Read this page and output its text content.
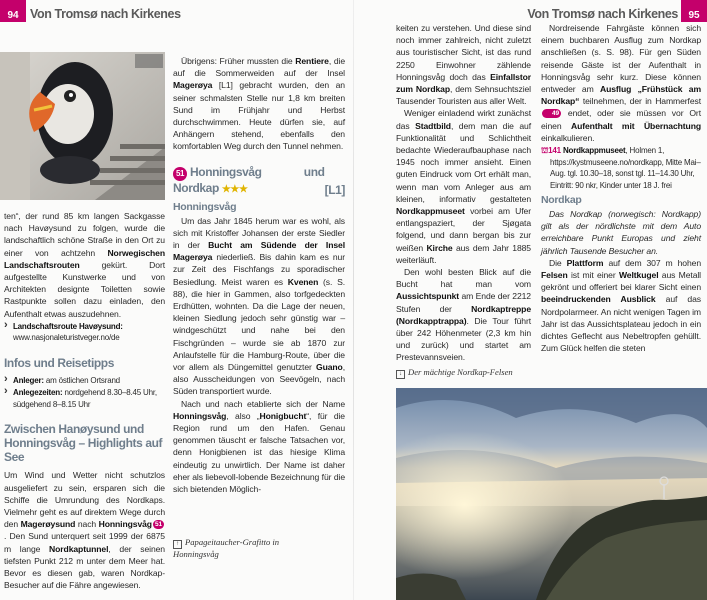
94 Von Tromsø nach Kirkenes	Von Tromsø nach Kirkenes	95

ten“, der rund 85 km langen Sackgasse nach Havøysund zu folgen, wurde die landschaftlich schöne Straße in den Ort zu einer von achtzehn Norwegischen Landschaftsrouten gekürt. Dort aufgestellte Kunstwerke und von Architekten designte Toiletten sowie Rastpunkte sollen dazu einladen, den Aufenthalt etwas auszudehnen.

› Landschaftsroute Havøysund: www.nasjonaleturistveger.no/de
Infos und Reisetipps
› Anleger: am östlichen Ortsrand
› Anlegezeiten: nordgehend 8.30–8.45 Uhr, südgehend 8–8.15 Uhr
Zwischen Hanøysund und Honningsvåg – Highlights auf See

Um Wind und Wetter nicht schutzlos ausgeliefert zu sein, ersparen sich die Schiffe die Umrundung des Nordkaps. Vielmehr geht es auf direktem Wege durch den Magerøysund nach Honningsvåg 51. Den Sund unterquert seit 1999 der 6875 m lange Nordkaptunnel, der seinen tiefsten Punkt 212 m unter dem Meer hat. Bevor es diesen gab, waren Nordkap-Besucher auf die Fähre angewiesen.

Übrigens: Früher mussten die Rentiere, die auf die Sommerweiden auf der Insel Magerøya [L1] gebracht wurden, den an seiner schmalsten Stelle nur 1,8 km breiten Sund im Frühjahr und Herbst durchschwimmen. Heute dürfen sie, auf Anhängern stehend, ebenfalls den komfortablen Weg durch den Tunnel nehmen.

51 Honningsvåg und Nordkap ★★★	[L1]
Honningsvåg

Um das Jahr 1845 herum war es wohl, als sich mit Kristoffer Johansen der erste Siedler in der Bucht am Südende der Insel Magerøya niederließ. Bis dahin kam es nur zur Zeit des Fischfangs zu sporadischer Besiedlung. Meist waren es Kvenen (s. S. 88), die hier in Gammen, also torfgedeckten Erdhütten, wohnten. Da die Lage der neuen, kleinen Siedlung jedoch sehr günstig war – windgeschützt und nahe bei den Fischgründen – wurde sie ab 1870 zur Anlaufstelle für die Hamburg-Route, über die vor allem als Düngemittel genutzter Guano, also Ausscheidungen von Seevögeln, nach Süden transportiert wurde.

Nach und nach etablierte sich der Name Honningsvåg, also „Honigbucht“, für die Region rund um den Hafen. Genau genommen täuscht er falsche Tatsachen vor, denn Honigbienen ist das hiesige Klima eindeutig zu unwirtlich. Der Name ist daher eher als liebevoll-lobende Bezeichnung für die sich bietenden Möglich-

keiten zu verstehen. Und diese sind noch immer zahlreich, nicht zuletzt aus touristischer Sicht, ist das rund 2250 Einwohner zählende Honningsvåg doch das Einfallstor zum Nordkap, dem Sehnsuchtsziel Tausender Touristen aus aller Welt.

Weniger einladend wirkt zunächst das Stadtbild, dem man die auf Funktionalität und Schlichtheit bedachte Wiederaufbauphase nach 1945 noch immer ansieht. Einen guten Eindruck vom Ort erhält man, wenn man vom Anleger aus am kleinen, informativ gestalteten Nordkappmuseet vorbei am Ufer entlangspaziert, der Sjøgata folgend, und dann bergan bis zur weißen Kirche aus dem Jahr 1885 weiterläuft.

Den wohl besten Blick auf die Bucht hat man vom Aussichtspunkt am Ende der 2212 Stufen der Nordkaptreppe (Nordkapptrappa). Die Tour führt über 242 Höhenmeter (2,3 km hin und zurück) und startet am Prestevannsveien.

Nordreisende Fahrgäste können sich einem buchbaren Ausflug zum Nordkap anschließen (s. S. 98). Für gen Süden reisende Gäste ist der Aufenthalt in Honningsvåg sehr kurz. Diese können entweder am Ausflug „Frühstück am Nordkap“ teilnehmen, der in Hammerfest49 endet, oder sie müssen vor Ort einen Aufenthalt mit Übernachtung einkalkulieren.

⛫141 Nordkappmuseet, Holmen 1, https://kystmuseene.no/nordkapp, Mitte Mai–Aug. tgl. 10.30–18, sonst tgl. 11–14.30 Uhr, Eintritt: 90 nkr, Kinder unter 18 J. frei
Nordkap

Das Nordkap (norwegisch: Nordkapp) gilt als der nördlichste mit dem Auto erreichbare Punkt Europas und zieht jährlich Tausende Besucher an.

Die Plattform auf dem 307 m hohen Felsen ist mit einer Weltkugel aus Metall gekrönt und offeriert bei klarer Sicht einen beeindruckenden Ausblick auf das Nordpolarmeer. An nicht wenigen Tagen im Jahr ist das Aussichtsplateau jedoch in ein dichtes Geflecht aus Nebeltropfen gehüllt. Zum Glück helfen die steten

↑ Papageitaucher-Grafitto in Honningsvåg
↓ Der mächtige Nordkap-Felsen
